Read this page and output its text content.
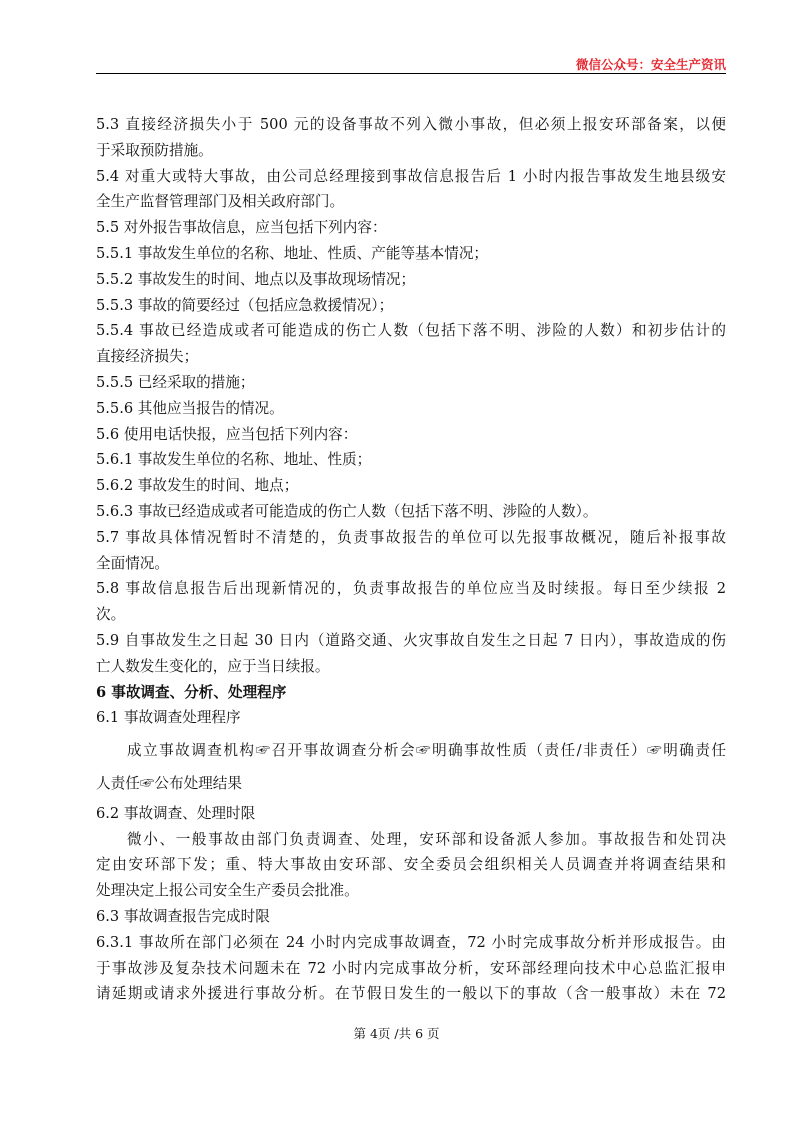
微信公众号：安全生产资讯
5.3 直接经济损失小于 500 元的设备事故不列入微小事故，但必须上报安环部备案，以便
于采取预防措施。
5.4 对重大或特大事故，由公司总经理接到事故信息报告后 1 小时内报告事故发生地县级安
全生产监督管理部门及相关政府部门。
5.5 对外报告事故信息，应当包括下列内容：
5.5.1 事故发生单位的名称、地址、性质、产能等基本情况；
5.5.2 事故发生的时间、地点以及事故现场情况；
5.5.3 事故的简要经过（包括应急救援情况）；
5.5.4 事故已经造成或者可能造成的伤亡人数（包括下落不明、涉险的人数）和初步估计的
直接经济损失；
5.5.5 已经采取的措施；
5.5.6 其他应当报告的情况。
5.6 使用电话快报，应当包括下列内容：
5.6.1 事故发生单位的名称、地址、性质；
5.6.2 事故发生的时间、地点；
5.6.3 事故已经造成或者可能造成的伤亡人数（包括下落不明、涉险的人数）。
5.7 事故具体情况暂时不清楚的，负责事故报告的单位可以先报事故概况，随后补报事故
全面情况。
5.8 事故信息报告后出现新情况的，负责事故报告的单位应当及时续报。每日至少续报 2
次。
5.9 自事故发生之日起 30 日内（道路交通、火灾事故自发生之日起 7 日内），事故造成的伤
亡人数发生变化的，应于当日续报。
6 事故调查、分析、处理程序
6.1 事故调查处理程序
成立事故调查机构☞召开事故调查分析会☞明确事故性质（责任/非责任）☞明确责任
人责任☞公布处理结果
6.2 事故调查、处理时限
微小、一般事故由部门负责调查、处理，安环部和设备派人参加。事故报告和处罚决
定由安环部下发；重、特大事故由安环部、安全委员会组织相关人员调查并将调查结果和
处理决定上报公司安全生产委员会批准。
6.3 事故调查报告完成时限
6.3.1 事故所在部门必须在 24 小时内完成事故调查，72 小时完成事故分析并形成报告。由
于事故涉及复杂技术问题未在 72 小时内完成事故分析，安环部经理向技术中心总监汇报申
请延期或请求外援进行事故分析。在节假日发生的一般以下的事故（含一般事故）未在 72
第 4页 /共 6 页
